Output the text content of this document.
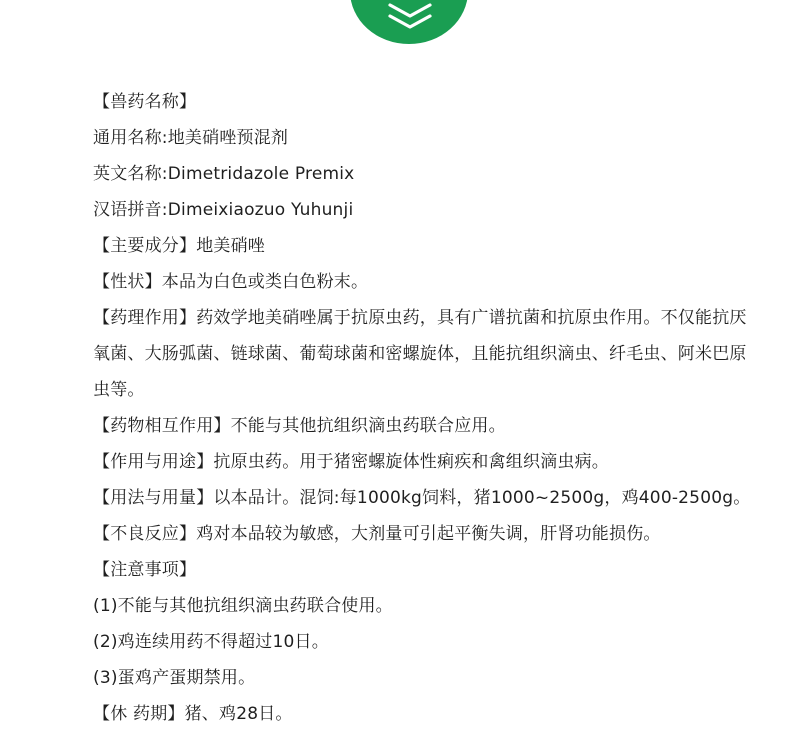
【兽药名称】
通用名称:地美硝唑预混剂
英文名称:Dimetridazole Premix
汉语拼音:Dimeixiaozuo Yuhunji
【主要成分】地美硝唑
【性状】本品为白色或类白色粉末。
【药理作用】药效学地美硝唑属于抗原虫药，具有广谱抗菌和抗原虫作用。不仅能抗厌氧菌、大肠弧菌、链球菌、葡萄球菌和密螺旋体，且能抗组织滴虫、纤毛虫、阿米巴原虫等。
【药物相互作用】不能与其他抗组织滴虫药联合应用。
【作用与用途】抗原虫药。用于猪密螺旋体性痢疾和禽组织滴虫病。
【用法与用量】以本品计。混饲:每1000kg饲料，猪1000~2500g，鸡400-2500g。
【不良反应】鸡对本品较为敏感，大剂量可引起平衡失调，肝肾功能损伤。
【注意事项】
(1)不能与其他抗组织滴虫药联合使用。
(2)鸡连续用药不得超过10日。
(3)蛋鸡产蛋期禁用。
【休 药期】猪、鸡28日。
